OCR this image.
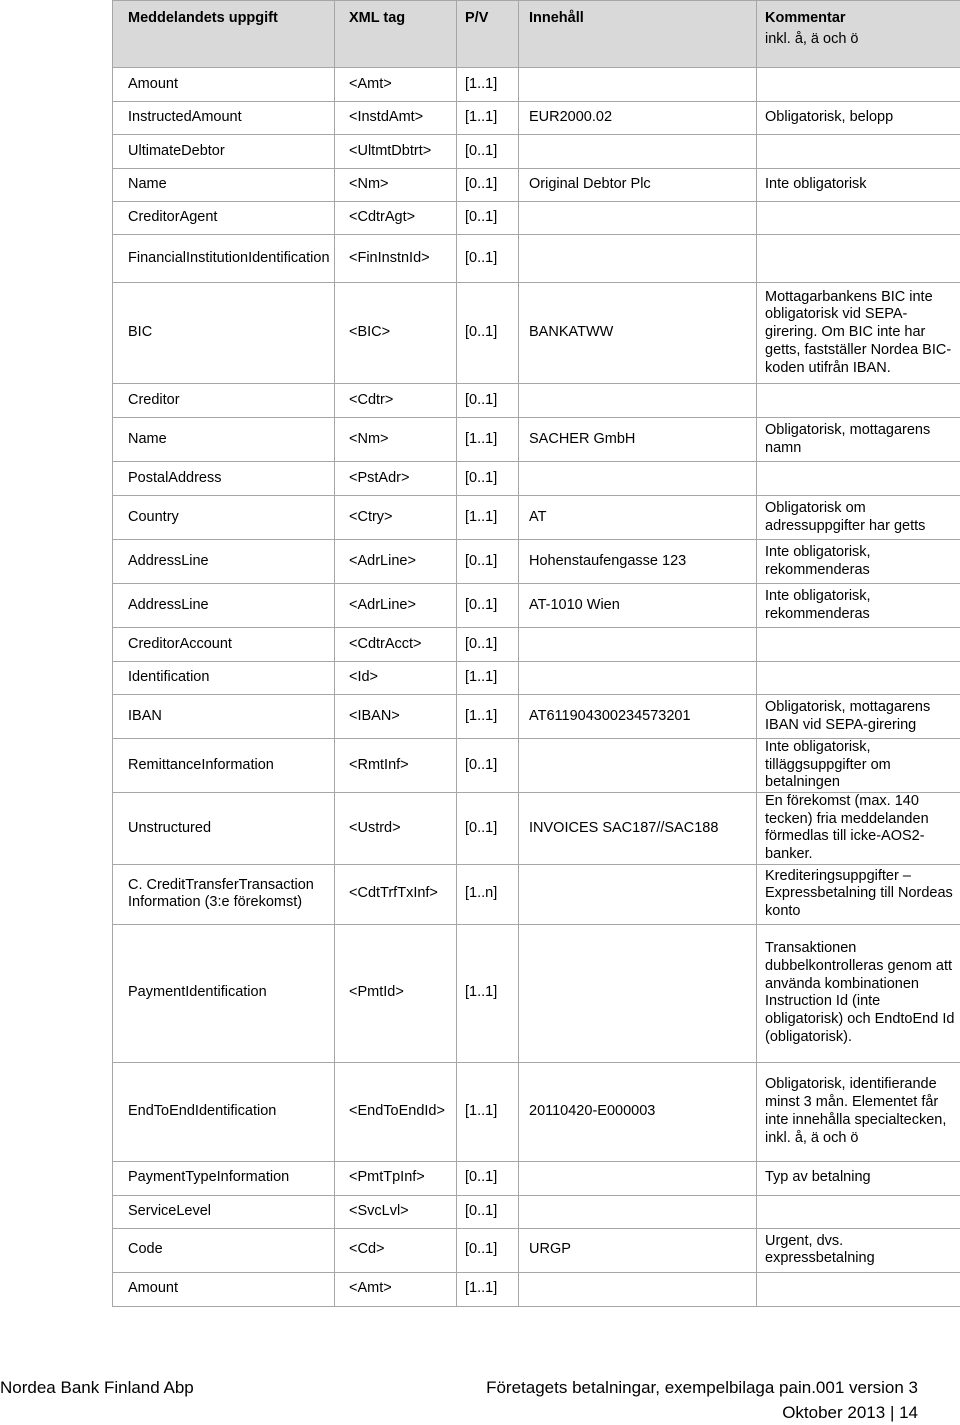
Meddelandets uppgift	XML tag	P/V	Innehåll	Kommentar
inkl. å, ä och ö

Amount	<Amt>	[1..1]		
InstructedAmount	<InstdAmt>	[1..1]	EUR2000.02	Obligatorisk, belopp
UltimateDebtor	<UltmtDbtrt>	[0..1]		
Name	<Nm>	[0..1]	Original Debtor Plc	Inte obligatorisk
CreditorAgent	<CdtrAgt>	[0..1]		
FinancialInstitutionIdentification	<FinInstnId>	[0..1]		
BIC	<BIC>	[0..1]	BANKATWW	Mottagarbankens BIC inte obligatorisk vid SEPA-girering. Om BIC inte har getts, fastställer Nordea BIC-koden utifrån IBAN.
Creditor	<Cdtr>	[0..1]		
Name	<Nm>	[1..1]	SACHER GmbH	Obligatorisk, mottagarens namn
PostalAddress	<PstAdr>	[0..1]		
Country	<Ctry>	[1..1]	AT	Obligatorisk om adressuppgifter har getts
AddressLine	<AdrLine>	[0..1]	Hohenstaufengasse 123	Inte obligatorisk, rekommenderas
AddressLine	<AdrLine>	[0..1]	AT-1010 Wien	Inte obligatorisk, rekommenderas
CreditorAccount	<CdtrAcct>	[0..1]		
Identification	<Id>	[1..1]		
IBAN	<IBAN>	[1..1]	AT611904300234573201	Obligatorisk, mottagarens IBAN vid SEPA-girering
RemittanceInformation	<RmtInf>	[0..1]		Inte obligatorisk, tilläggsuppgifter om betalningen
Unstructured	<Ustrd>	[0..1]	INVOICES SAC187//SAC188	En förekomst (max. 140 tecken) fria meddelanden förmedlas till icke-AOS2-banker.
C. CreditTransferTransaction Information (3:e förekomst)	<CdtTrfTxInf>	[1..n]		Krediteringsuppgifter – Expressbetalning till Nordeas konto
PaymentIdentification	<PmtId>	[1..1]		Transaktionen dubbelkontrolleras genom att använda kombinationen Instruction Id (inte obligatorisk) och EndtoEnd Id (obligatorisk).
EndToEndIdentification	<EndToEndId>	[1..1]	20110420-E000003	Obligatorisk, identifierande minst 3 mån. Elementet får inte innehålla specialtecken, inkl. å, ä och ö
PaymentTypeInformation	<PmtTpInf>	[0..1]		Typ av betalning
ServiceLevel	<SvcLvl>	[0..1]		
Code	<Cd>	[0..1]	URGP	Urgent, dvs. expressbetalning
Amount	<Amt>	[1..1]		
Nordea Bank Finland Abp	Företagets betalningar, exempelbilaga pain.001 version 3
Oktober 2013 | 14
